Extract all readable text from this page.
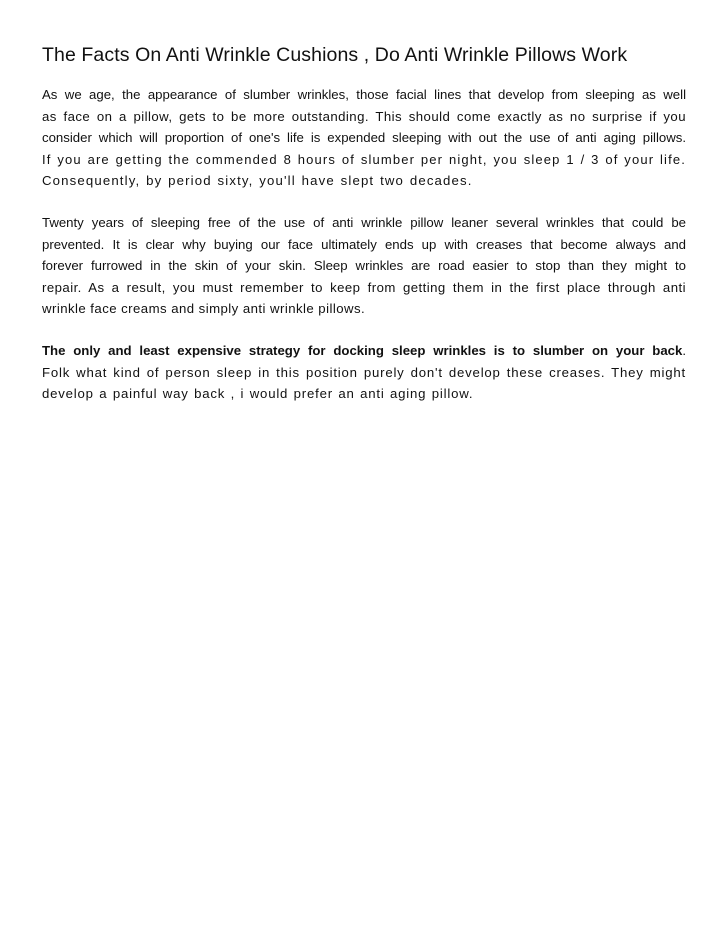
The Facts On Anti Wrinkle Cushions , Do Anti Wrinkle Pillows Work
As we age, the appearance of slumber wrinkles, those facial lines that develop from sleeping as well
as face on a pillow, gets to be more outstanding. This should come exactly as no surprise if you
consider which will proportion of one's life is expended sleeping with out the use of anti aging pillows.
If you are getting the commended 8 hours of slumber per night, you sleep 1 / 3 of your life.
Consequently, by period sixty, you'll have slept two decades.
Twenty years of sleeping free of the use of anti wrinkle pillow leaner several wrinkles that could be
prevented. It is clear why buying our face ultimately ends up with creases that become always and
forever furrowed in the skin of your skin. Sleep wrinkles are road easier to stop than they might to
repair. As a result, you must remember to keep from getting them in the first place through anti
wrinkle face creams and simply anti wrinkle pillows.
The only and least expensive strategy for docking sleep wrinkles is to slumber on your back.
Folk what kind of person sleep in this position purely don't develop these creases. They might
develop a painful way back , i would prefer an anti aging pillow.
